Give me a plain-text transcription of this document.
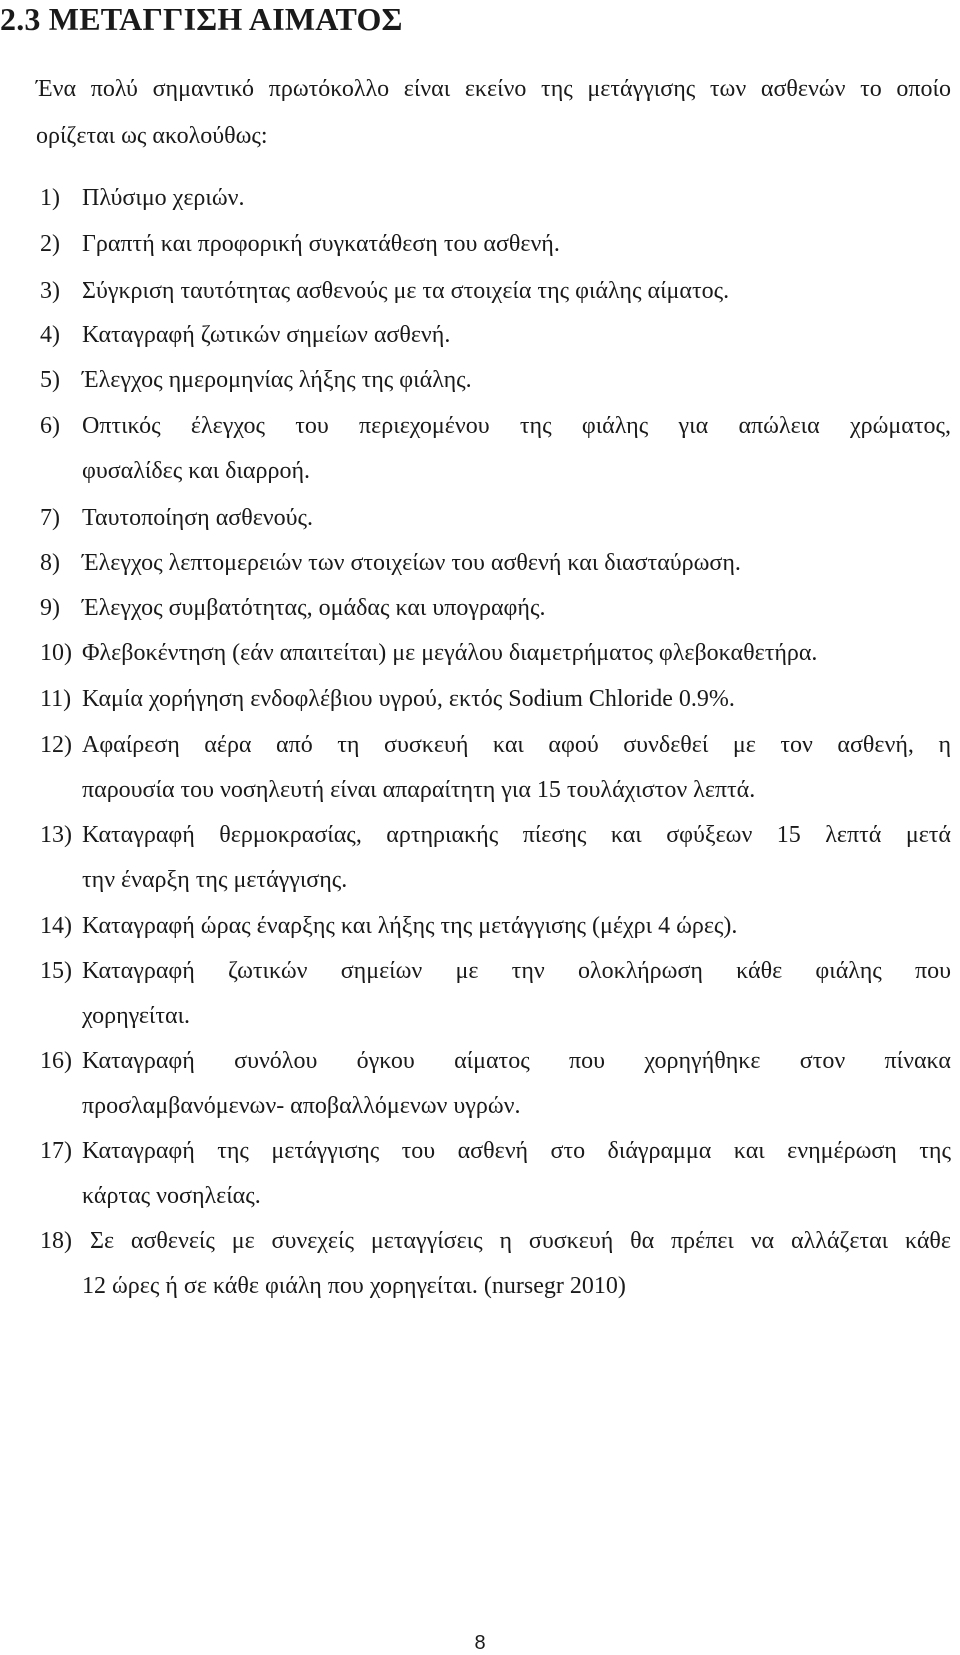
2.3 ΜΕΤΑΓΓΙΣΗ ΑΙΜΑΤΟΣ
Ένα πολύ σημαντικό πρωτόκολλο είναι εκείνο της μετάγγισης των ασθενών το οποίο
ορίζεται ως ακολούθως:
1) Πλύσιμο χεριών.
2) Γραπτή και προφορική συγκατάθεση του ασθενή.
3) Σύγκριση ταυτότητας ασθενούς με τα στοιχεία της φιάλης αίματος.
4) Καταγραφή ζωτικών σημείων ασθενή.
5) Έλεγχος ημερομηνίας λήξης της φιάλης.
6) Οπτικός έλεγχος του περιεχομένου της φιάλης για απώλεια χρώματος,
φυσαλίδες και διαρροή.
7) Ταυτοποίηση ασθενούς.
8) Έλεγχος λεπτομερειών των στοιχείων του ασθενή και διασταύρωση.
9) Έλεγχος συμβατότητας, ομάδας και υπογραφής.
10) Φλεβοκέντηση (εάν απαιτείται) με μεγάλου διαμετρήματος φλεβοκαθετήρα.
11) Καμία χορήγηση ενδοφλέβιου υγρού, εκτός Sodium Chloride 0.9%.
12) Αφαίρεση αέρα από τη συσκευή και αφού συνδεθεί με τον ασθενή, η
παρουσία του νοσηλευτή είναι απαραίτητη για 15 τουλάχιστον λεπτά.
13) Καταγραφή θερμοκρασίας, αρτηριακής πίεσης και σφύξεων 15 λεπτά μετά
την έναρξη της μετάγγισης.
14) Καταγραφή ώρας έναρξης και λήξης της μετάγγισης (μέχρι 4 ώρες).
15) Καταγραφή ζωτικών σημείων με την ολοκλήρωση κάθε φιάλης που
χορηγείται.
16) Καταγραφή συνόλου όγκου αίματος που χορηγήθηκε στον πίνακα
προσλαμβανόμενων- αποβαλλόμενων υγρών.
17) Καταγραφή της μετάγγισης του ασθενή στο διάγραμμα και ενημέρωση της
κάρτας νοσηλείας.
18) Σε ασθενείς με συνεχείς μεταγγίσεις η συσκευή θα πρέπει να αλλάζεται κάθε
12 ώρες ή σε κάθε φιάλη που χορηγείται. (nursegr 2010)
8
